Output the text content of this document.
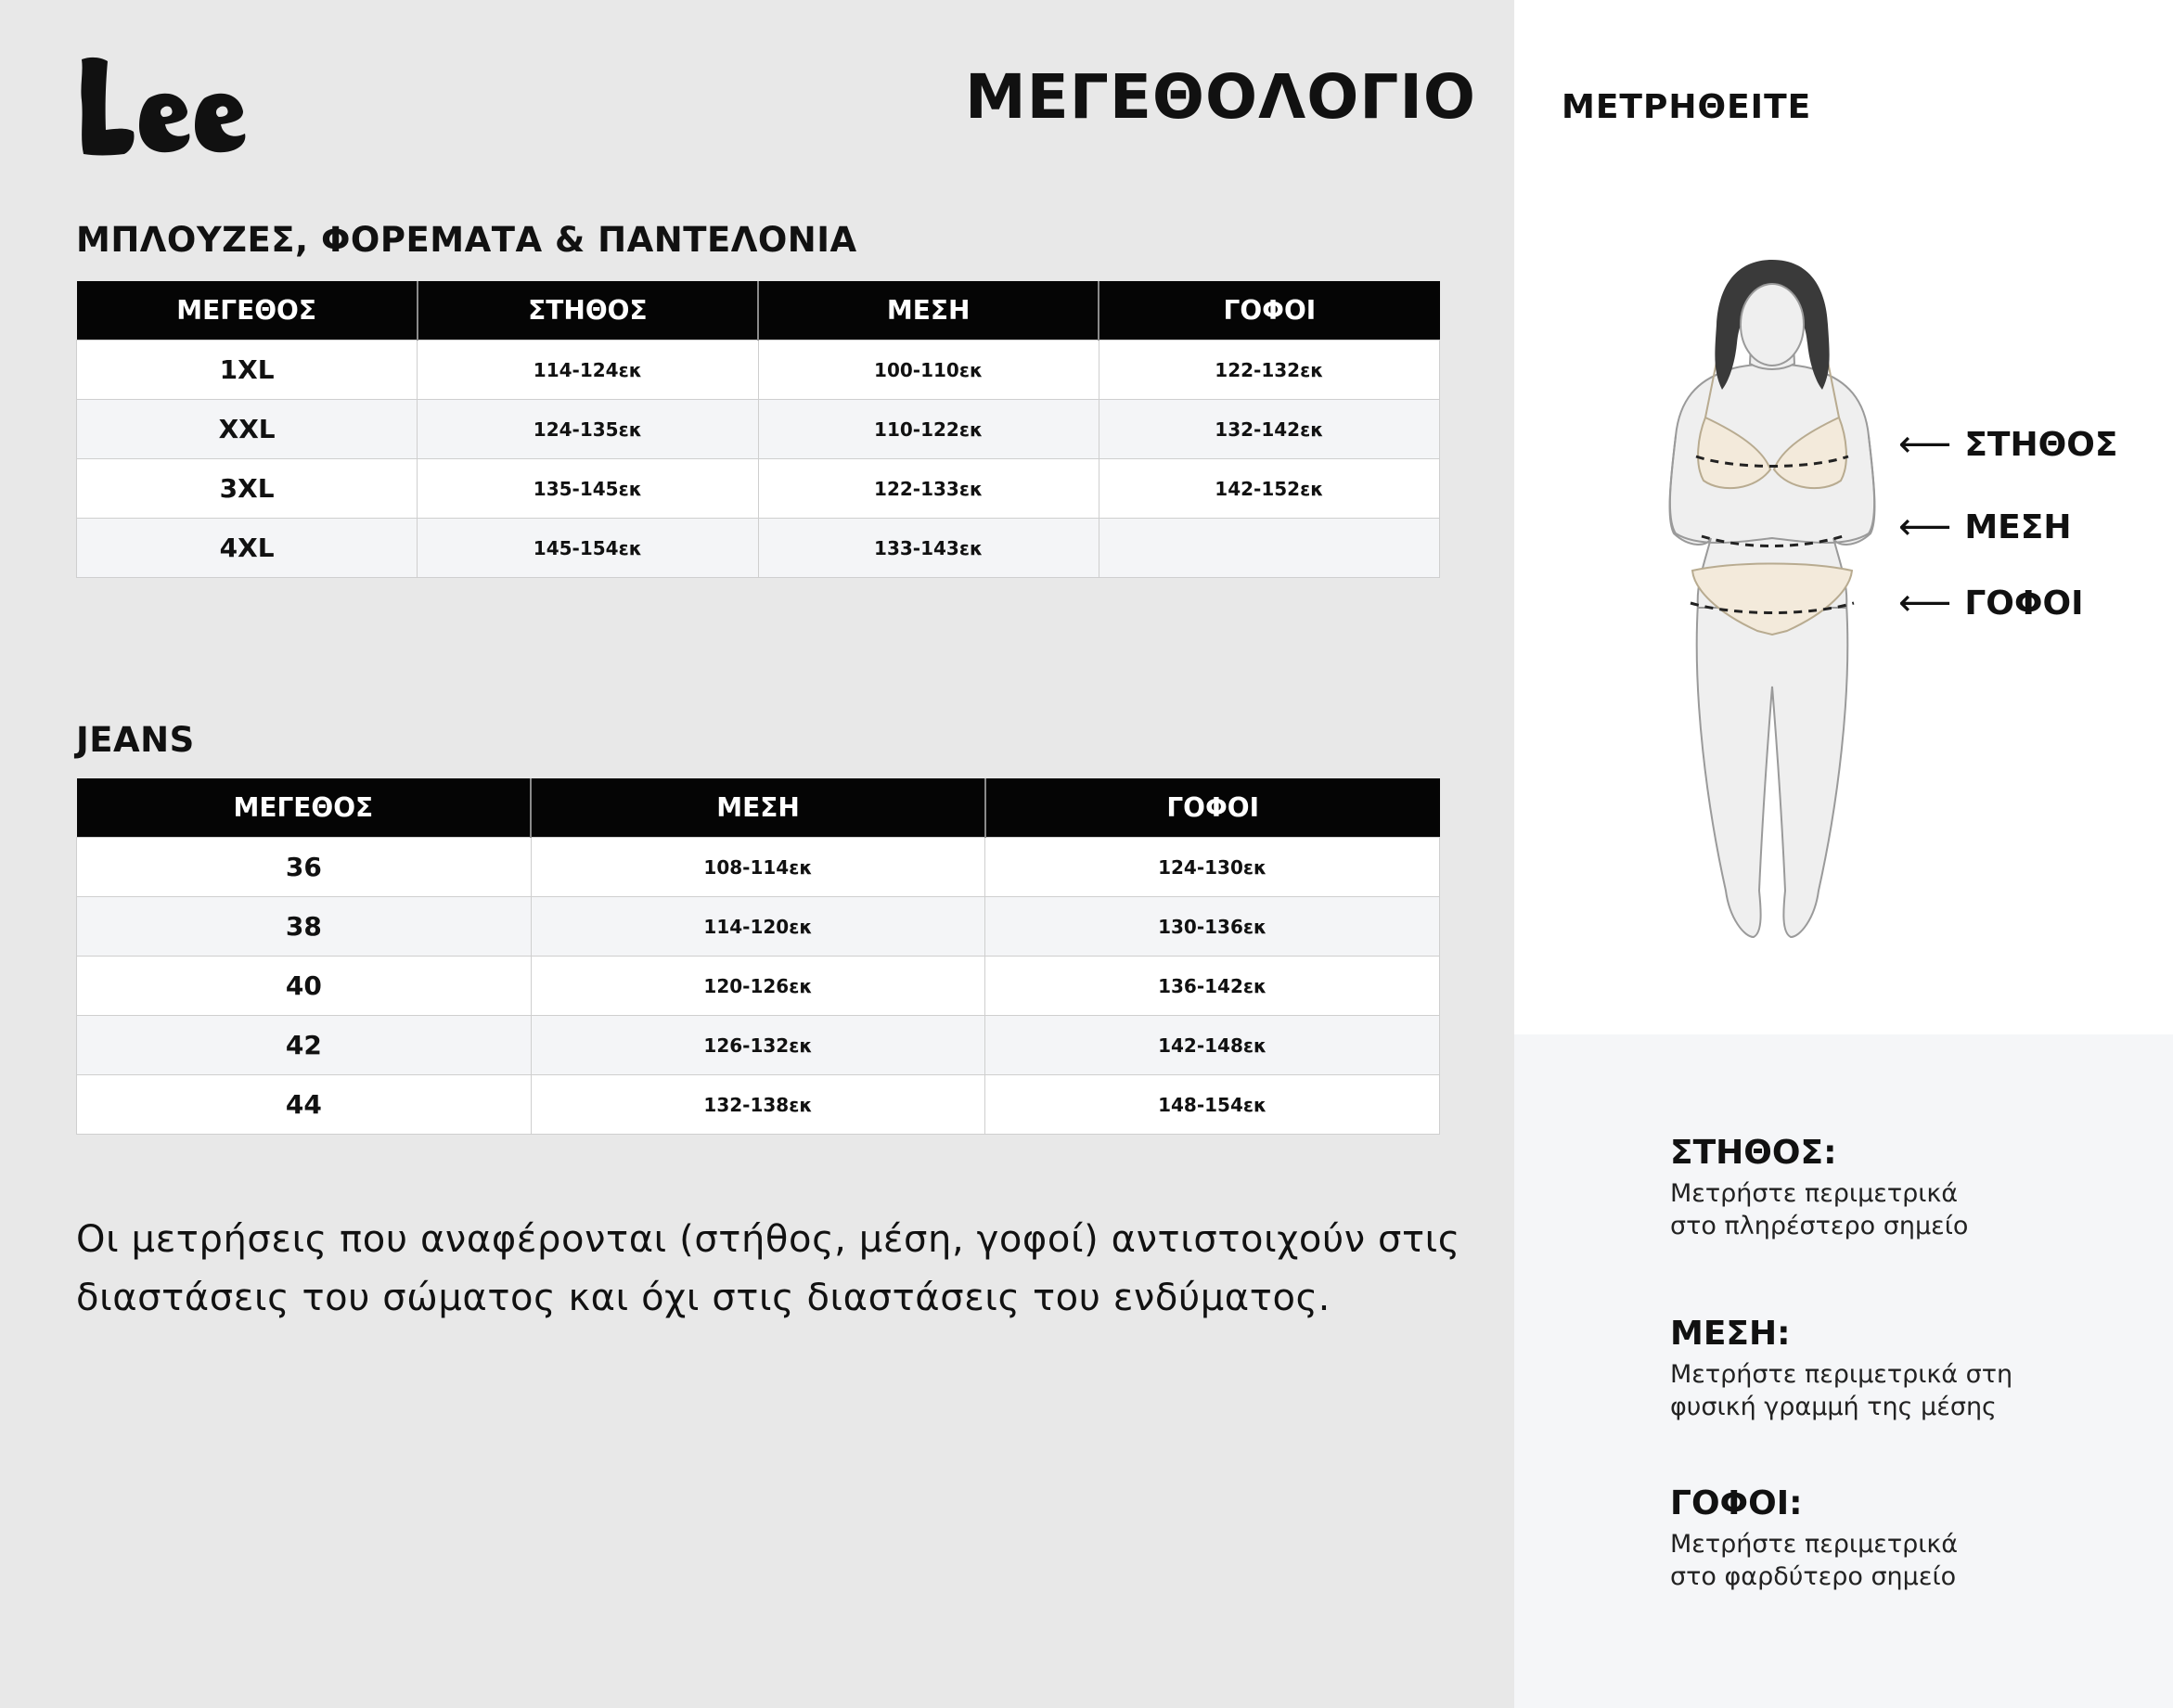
ΜΕΓΕΘΟΛΟΓΙΟ	ΜΕΤΡΗΘΕΙΤΕ
ΜΠΛΟΥΖΕΣ, ΦΟΡΕΜΑΤΑ & ΠΑΝΤΕΛΟΝΙΑ
ΜΕΓΕΘΟΣ	ΣΤΗΘΟΣ	ΜΕΣΗ	ΓΟΦΟΙ
1XL	114-124εκ	100-110εκ	122-132εκ
XXL	124-135εκ	110-122εκ	132-142εκ
3XL	135-145εκ	122-133εκ	142-152εκ
4XL	145-154εκ	133-143εκ	
JEANS
ΜΕΓΕΘΟΣ	ΜΕΣΗ	ΓΟΦΟΙ
36	108-114εκ	124-130εκ
38	114-120εκ	130-136εκ
40	120-126εκ	136-142εκ
42	126-132εκ	142-148εκ
44	132-138εκ	148-154εκ

Οι μετρήσεις που αναφέρονται (στήθος, μέση, γοφοί) αντιστοιχούν στις διαστάσεις του σώματος και όχι στις διαστάσεις του ενδύματος.

⟵ ΣΤΗΘΟΣ
⟵ ΜΕΣΗ
⟵ ΓΟΦΟΙ

ΣΤΗΘΟΣ:

Μετρήστε περιμετρικά
στο πληρέστερο σημείο

ΜΕΣΗ:

Μετρήστε περιμετρικά στη
φυσική γραμμή της μέσης

ΓΟΦΟΙ:

Μετρήστε περιμετρικά
στο φαρδύτερο σημείο
